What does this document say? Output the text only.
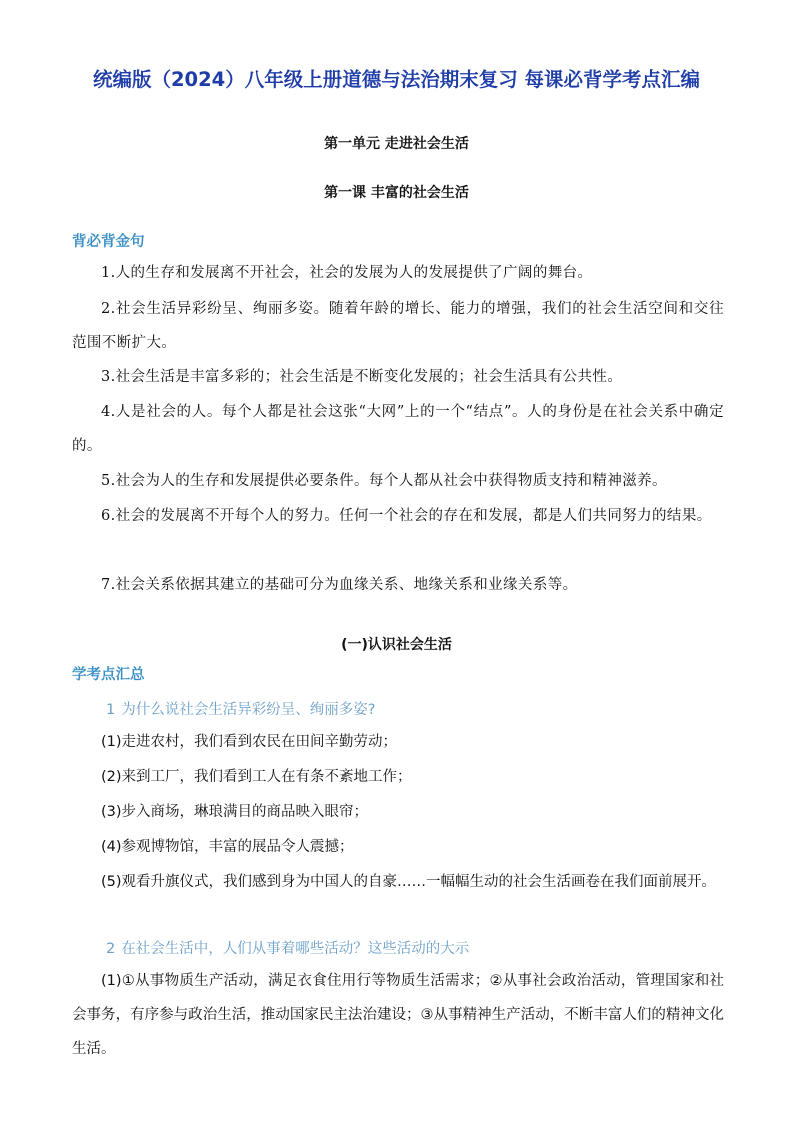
统编版（2024）八年级上册道德与法治期末复习 每课必背学考点汇编
第一单元 走进社会生活
第一课 丰富的社会生活
背必背金句
1.人的生存和发展离不开社会，社会的发展为人的发展提供了广阔的舞台。
2.社会生活异彩纷呈、绚丽多姿。随着年龄的增长、能力的增强，我们的社会生活空间和交往范围不断扩大。
3.社会生活是丰富多彩的；社会生活是不断变化发展的；社会生活具有公共性。
4.人是社会的人。每个人都是社会这张“大网”上的一个“结点”。人的身份是在社会关系中确定的。
5.社会为人的生存和发展提供必要条件。每个人都从社会中获得物质支持和精神滋养。
6.社会的发展离不开每个人的努力。任何一个社会的存在和发展，都是人们共同努力的结果。
7.社会关系依据其建立的基础可分为血缘关系、地缘关系和业缘关系等。
(一)认识社会生活
学考点汇总
1 为什么说社会生活异彩纷呈、绚丽多姿?
(1)走进农村，我们看到农民在田间辛勤劳动；
(2)来到工厂，我们看到工人在有条不紊地工作；
(3)步入商场，琳琅满目的商品映入眼帘；
(4)参观博物馆，丰富的展品令人震撼；
(5)观看升旗仪式，我们感到身为中国人的自豪……一幅幅生动的社会生活画卷在我们面前展开。
2 在社会生活中，人们从事着哪些活动？这些活动的大示
(1)①从事物质生产活动，满足衣食住用行等物质生活需求；②从事社会政治活动，管理国家和社会事务，有序参与政治生活，推动国家民主法治建设；③从事精神生产活动，不断丰富人们的精神文化生活。
